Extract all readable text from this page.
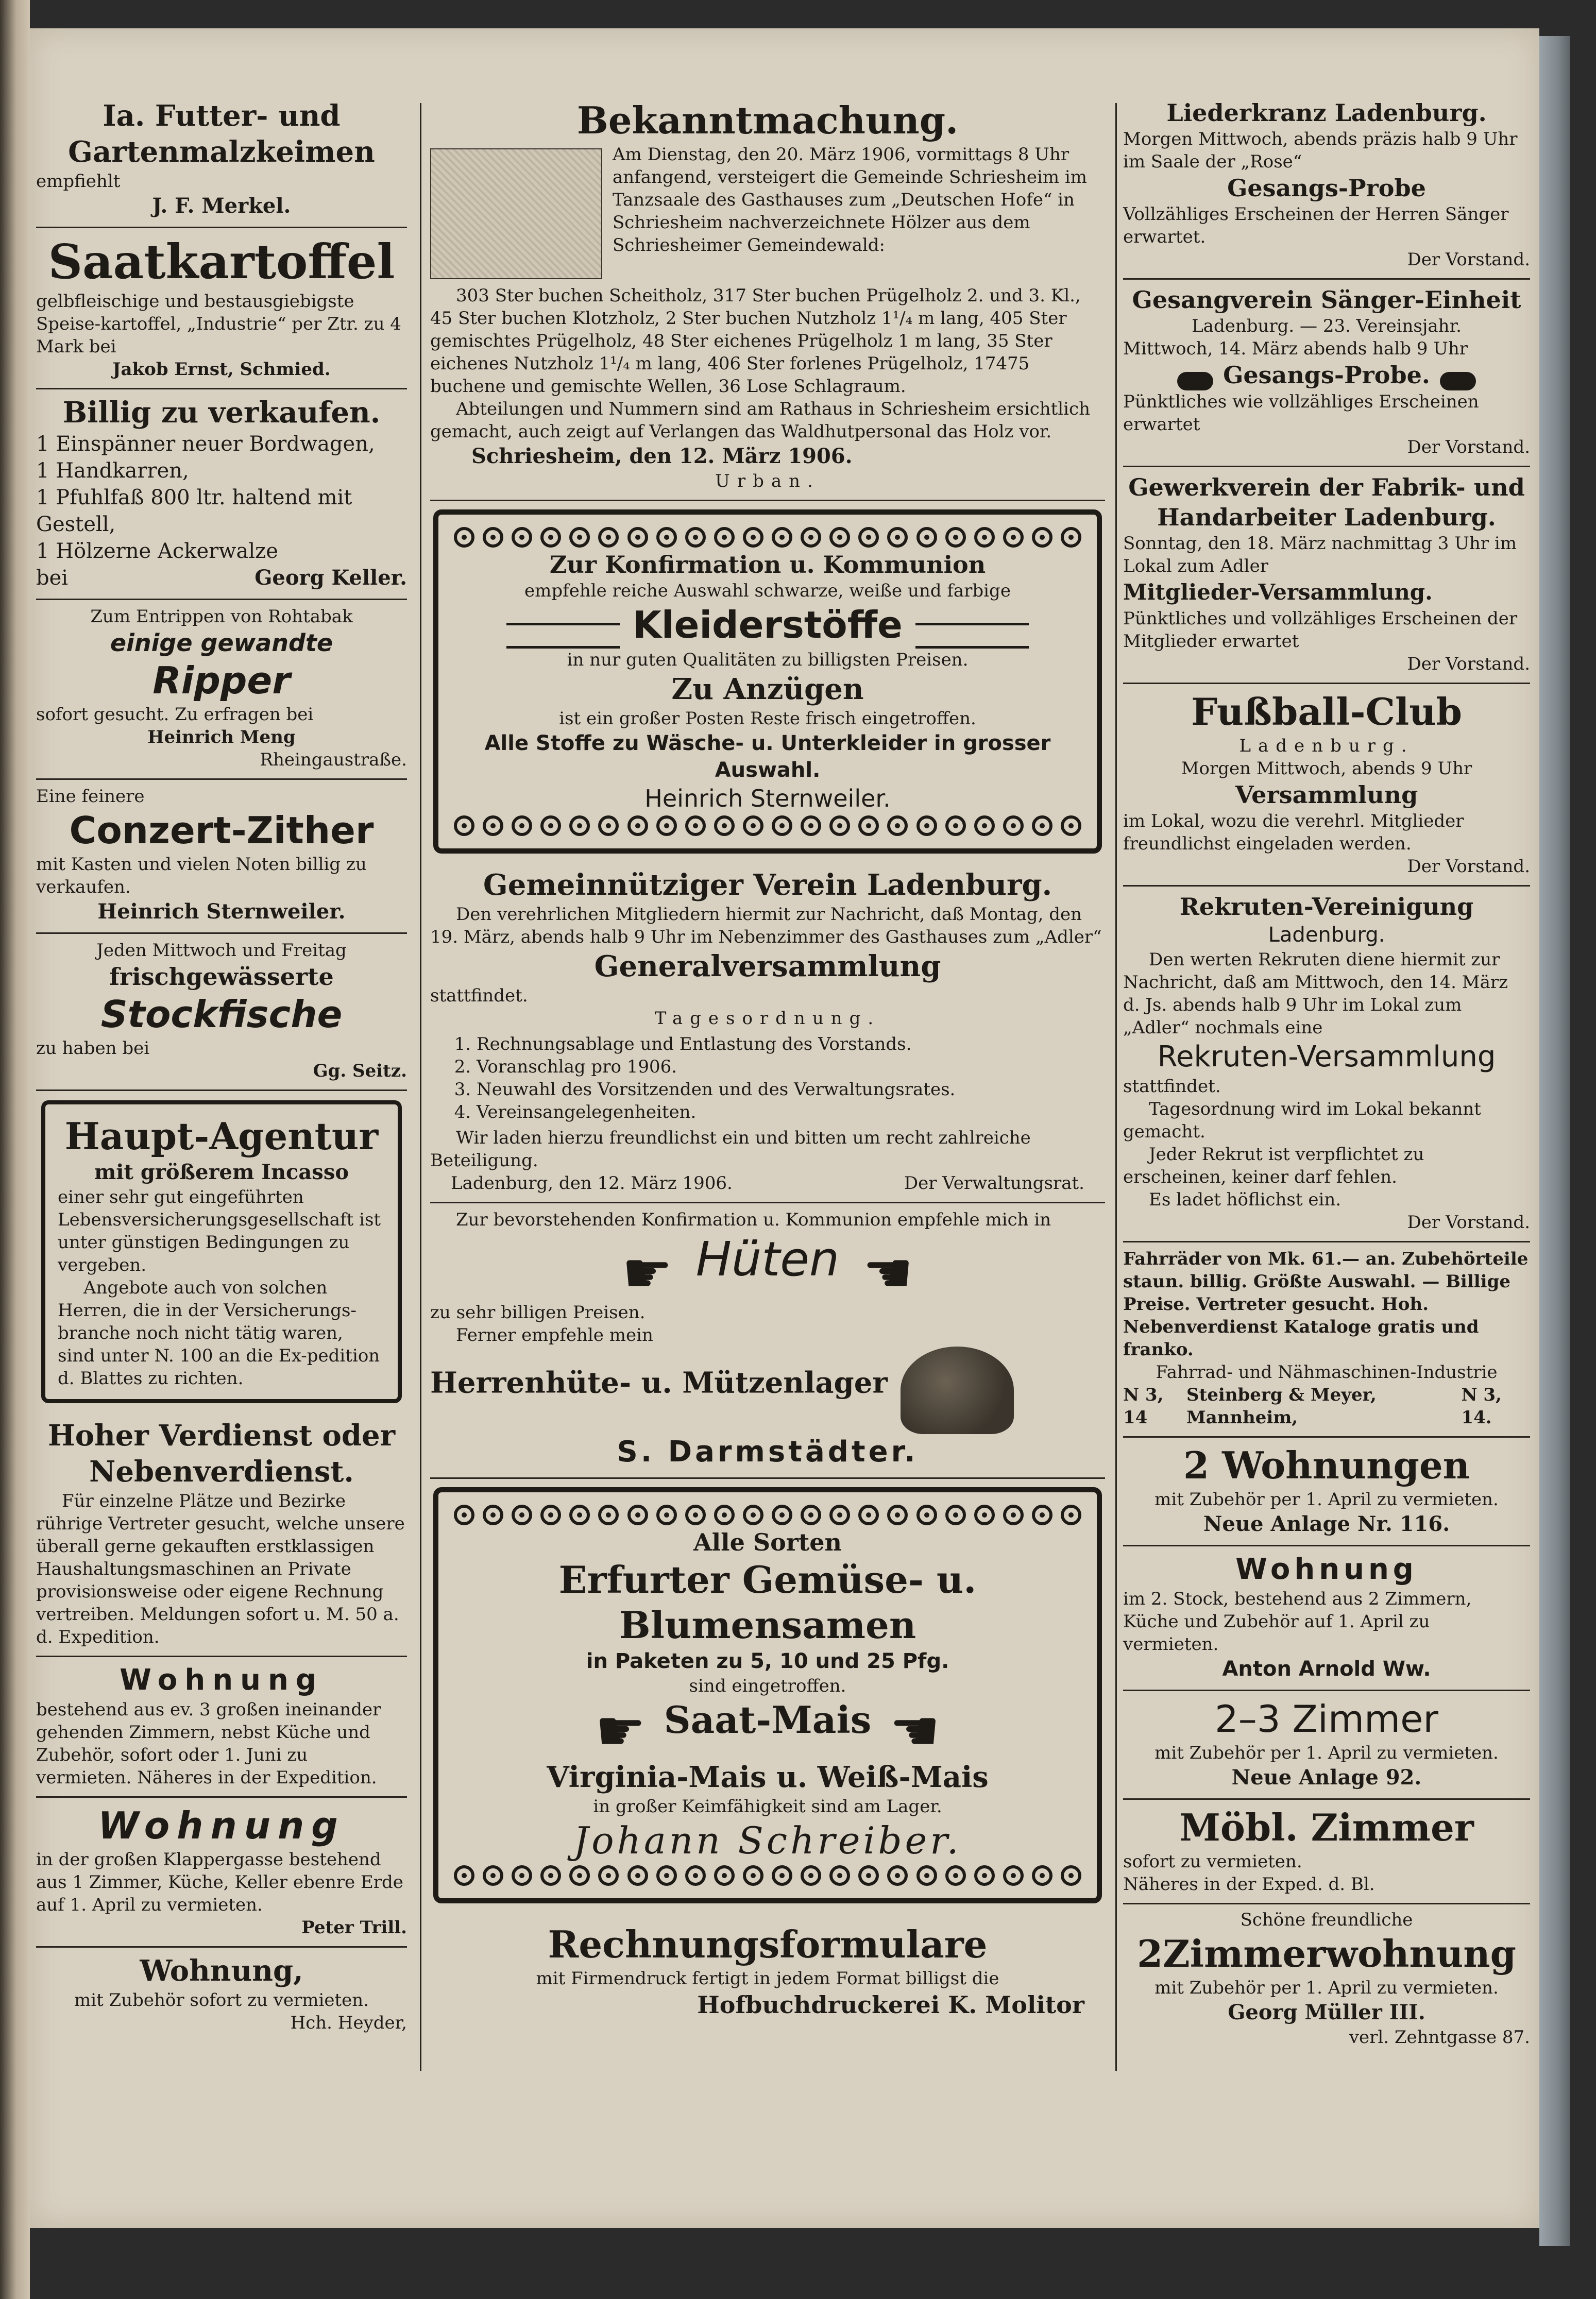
Ia. Futter- und Gartenmalzkeimen
empfiehlt
J. F. Merkel.
Saatkartoffel

gelbfleischige und bestausgiebigste Speise-kartoffel, „Industrie“ per Ztr. zu 4 Mark bei

Jakob Ernst, Schmied.
Billig zu verkaufen.
1 Einspänner neuer Bordwagen,
1 Handkarren,
1 Pfuhlfaß 800 ltr. haltend mit Gestell,
1 Hölzerne Ackerwalze
bei	Georg Keller.
Zum Entrippen von Rohtabak
einige gewandte
Ripper

sofort gesucht. Zu erfragen bei

Heinrich Meng
Rheingaustraße.
Eine feinere
Conzert-Zither

mit Kasten und vielen Noten billig zu verkaufen.

Heinrich Sternweiler.
Jeden Mittwoch und Freitag
frischgewässerte
Stockfische
zu haben bei
Gg. Seitz.
Haupt-Agentur
mit größerem Incasso

einer sehr gut eingeführten Lebensversicherungsgesellschaft ist unter günstigen Bedingungen zu vergeben.

Angebote auch von solchen Herren, die in der Versicherungs-branche noch nicht tätig waren, sind unter N. 100 an die Ex-pedition d. Blattes zu richten.

Hoher Verdienst oder Nebenverdienst.

Für einzelne Plätze und Bezirke rührige Vertreter gesucht, welche unsere überall gerne gekauften erstklassigen Haushaltungsmaschinen an Private provisionsweise oder eigene Rechnung vertreiben. Meldungen sofort u. M. 50 a. d. Expedition.

Wohnung

bestehend aus ev. 3 großen ineinander gehenden Zimmern, nebst Küche und Zubehör, sofort oder 1. Juni zu vermieten. Näheres in der Expedition.

Wohnung

in der großen Klappergasse bestehend aus 1 Zimmer, Küche, Keller ebenre Erde auf 1. April zu vermieten.

Peter Trill.
Wohnung,
mit Zubehör sofort zu vermieten.
Hch. Heyder,
Bekanntmachung.

Am Dienstag, den 20. März 1906, vormittags 8 Uhr anfangend, versteigert die Gemeinde Schriesheim im Tanzsaale des Gasthauses zum „Deutschen Hofe“ in Schriesheim nachverzeichnete Hölzer aus dem Schriesheimer Gemeindewald:

303 Ster buchen Scheitholz, 317 Ster buchen Prügelholz 2. und 3. Kl., 45 Ster buchen Klotzholz, 2 Ster buchen Nutzholz 1¹/₄ m lang, 405 Ster gemischtes Prügelholz, 48 Ster eichenes Prügelholz 1 m lang, 35 Ster eichenes Nutzholz 1¹/₄ m lang, 406 Ster forlenes Prügelholz, 17475 buchene und gemischte Wellen, 36 Lose Schlagraum.

Abteilungen und Nummern sind am Rathaus in Schriesheim ersichtlich gemacht, auch zeigt auf Verlangen das Waldhutpersonal das Holz vor.

Schriesheim, den 12. März 1906.
Urban.
Zur Konfirmation u. Kommunion
empfehle reiche Auswahl schwarze, weiße und farbige
Kleiderstöffe
in nur guten Qualitäten zu billigsten Preisen.
Zu Anzügen
ist ein großer Posten Reste frisch eingetroffen.
Alle Stoffe zu Wäsche- u. Unterkleider in grosser Auswahl.
Heinrich Sternweiler.
Gemeinnütziger Verein Ladenburg.

Den verehrlichen Mitgliedern hiermit zur Nachricht, daß Montag, den 19. März, abends halb 9 Uhr im Nebenzimmer des Gasthauses zum „Adler“

Generalversammlung
stattfindet.
Tagesordnung.
1. Rechnungsablage und Entlastung des Vorstands.
2. Voranschlag pro 1906.
3. Neuwahl des Vorsitzenden und des Verwaltungsrates.
4. Vereinsangelegenheiten.

Wir laden hierzu freundlichst ein und bitten um recht zahlreiche Beteiligung.

Ladenburg, den 12. März 1906.	Der Verwaltungsrat.

Zur bevorstehenden Konfirmation u. Kommunion empfehle mich in

☛ Hüten ☚
zu sehr billigen Preisen.
Ferner empfehle mein
Herrenhüte- u. Mützenlager
S. Darmstädter.
Alle Sorten
Erfurter Gemüse- u. Blumensamen
in Paketen zu 5, 10 und 25 Pfg.
sind eingetroffen.
☛ Saat-Mais ☚
Virginia-Mais u. Weiß-Mais
in großer Keimfähigkeit sind am Lager.
Johann Schreiber.
Rechnungsformulare
mit Firmendruck fertigt in jedem Format billigst die
Hofbuchdruckerei K. Molitor
Liederkranz Ladenburg.

Morgen Mittwoch, abends präzis halb 9 Uhr im Saale der „Rose“

Gesangs-Probe

Vollzähliges Erscheinen der Herren Sänger erwartet.

Der Vorstand.
Gesangverein Sänger-Einheit
Ladenburg. — 23. Vereinsjahr.

Mittwoch, 14. März abends halb 9 Uhr

Gesangs-Probe.

Pünktliches wie vollzähliges Erscheinen erwartet

Der Vorstand.
Gewerkverein der Fabrik- und Handarbeiter Ladenburg.

Sonntag, den 18. März nachmittag 3 Uhr im Lokal zum Adler

Mitglieder-Versammlung.

Pünktliches und vollzähliges Erscheinen der Mitglieder erwartet

Der Vorstand.
Fußball-Club
Ladenburg.
Morgen Mittwoch, abends 9 Uhr
Versammlung

im Lokal, wozu die verehrl. Mitglieder freundlichst eingeladen werden.

Der Vorstand.
Rekruten-Vereinigung
Ladenburg.

Den werten Rekruten diene hiermit zur Nachricht, daß am Mittwoch, den 14. März d. Js. abends halb 9 Uhr im Lokal zum „Adler“ nochmals eine

Rekruten-Versammlung
stattfindet.

Tagesordnung wird im Lokal bekannt gemacht.

Jeder Rekrut ist verpflichtet zu erscheinen, keiner darf fehlen.

Es ladet höflichst ein.

Der Vorstand.

Fahrräder von Mk. 61.— an. Zubehörteile staun. billig. Größte Auswahl. — Billige Preise. Vertreter gesucht. Hoh. Nebenverdienst Kataloge gratis und franko.

Fahrrad- und Nähmaschinen-Industrie
N 3, 14
Steinberg & Meyer, Mannheim,
N 3, 14.
2 Wohnungen
mit Zubehör per 1. April zu vermieten.
Neue Anlage Nr. 116.
Wohnung

im 2. Stock, bestehend aus 2 Zimmern, Küche und Zubehör auf 1. April zu vermieten.

Anton Arnold Ww.
2–3 Zimmer
mit Zubehör per 1. April zu vermieten.
Neue Anlage 92.
Möbl. Zimmer
sofort zu vermieten.
Näheres in der Exped. d. Bl.
Schöne freundliche
2Zimmerwohnung
mit Zubehör per 1. April zu vermieten.
Georg Müller III.
verl. Zehntgasse 87.
